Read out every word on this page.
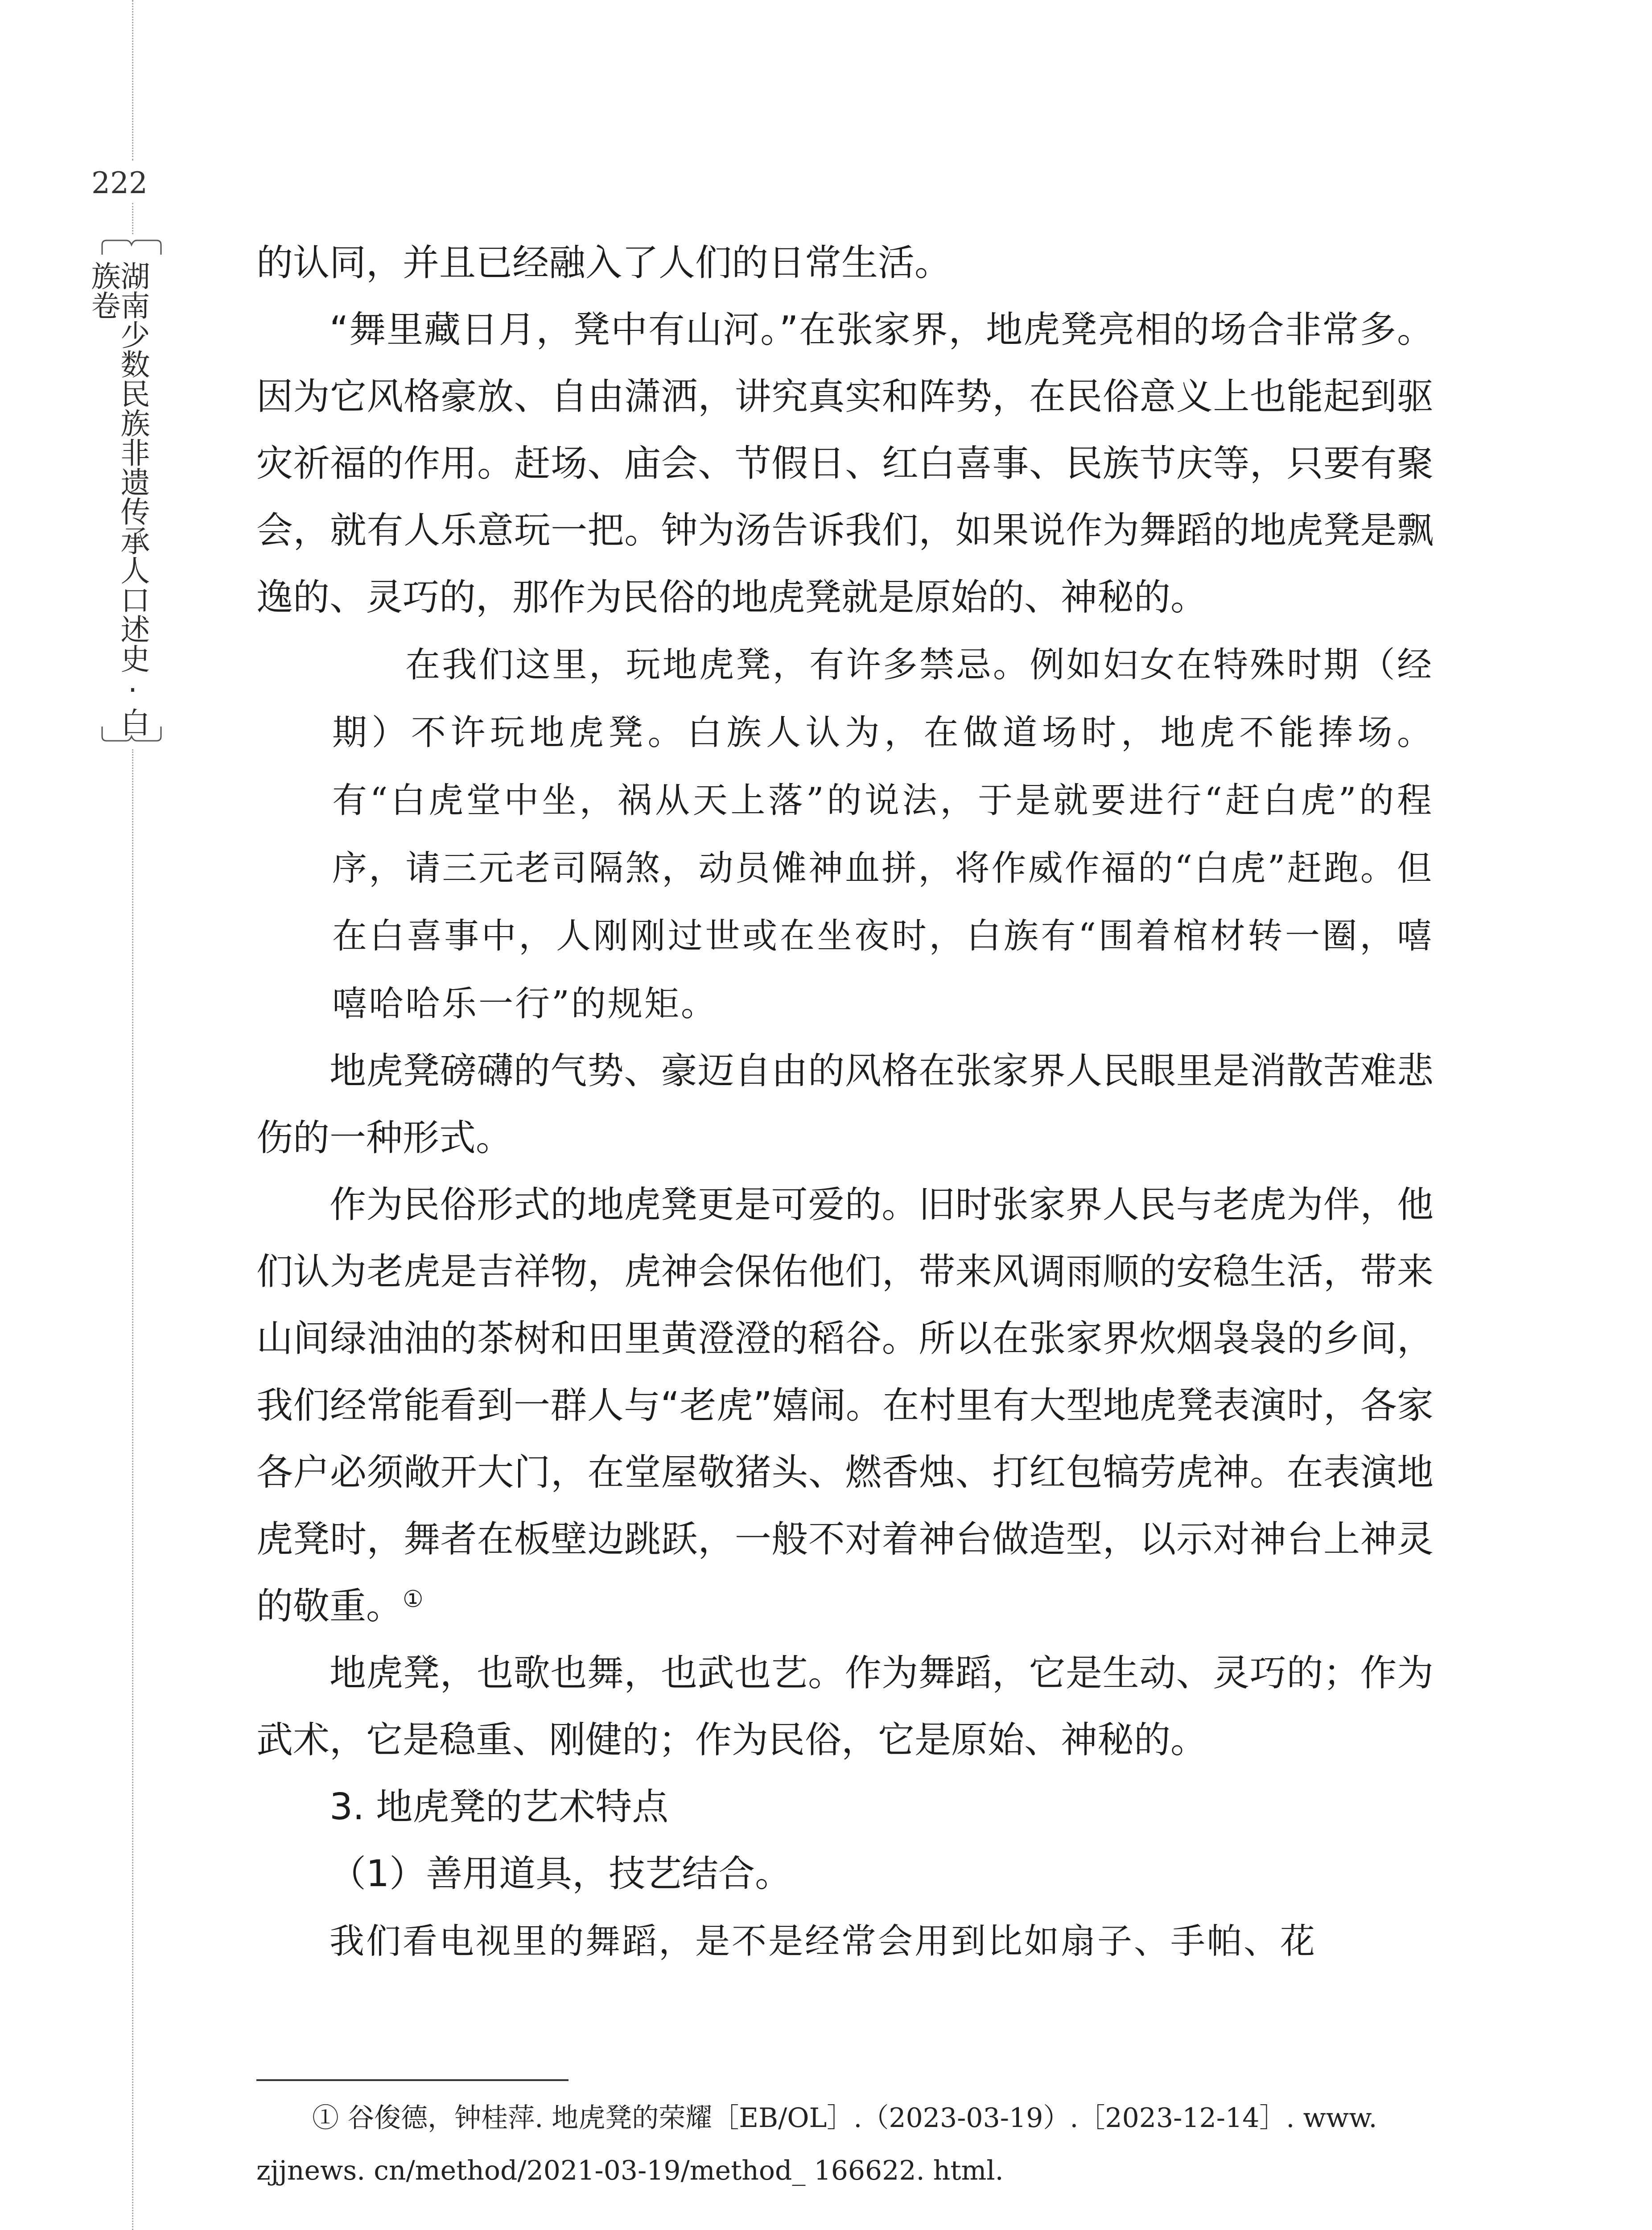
222
湖南少数民族非遗传承人口述史·白族卷	的认同，并且已经融入了人们的日常生活。

“舞里藏日月，凳中有山河。”在张家界，地虎凳亮相的场合非常多。因为它风格豪放、自由潇洒，讲究真实和阵势，在民俗意义上也能起到驱灾祈福的作用。赶场、庙会、节假日、红白喜事、民族节庆等，只要有聚会，就有人乐意玩一把。钟为汤告诉我们，如果说作为舞蹈的地虎凳是飘逸的、灵巧的，那作为民俗的地虎凳就是原始的、神秘的。

在我们这里，玩地虎凳，有许多禁忌。例如妇女在特殊时期（经期）不许玩地虎凳。白族人认为，在做道场时，地虎不能捧场。有“白虎堂中坐，祸从天上落”的说法，于是就要进行“赶白虎”的程序，请三元老司隔煞，动员傩神血拼，将作威作福的“白虎”赶跑。但在白喜事中，人刚刚过世或在坐夜时，白族有“围着棺材转一圈，嘻嘻哈哈乐一行”的规矩。

地虎凳磅礴的气势、豪迈自由的风格在张家界人民眼里是消散苦难悲伤的一种形式。

作为民俗形式的地虎凳更是可爱的。旧时张家界人民与老虎为伴，他们认为老虎是吉祥物，虎神会保佑他们，带来风调雨顺的安稳生活，带来山间绿油油的茶树和田里黄澄澄的稻谷。所以在张家界炊烟袅袅的乡间，我们经常能看到一群人与“老虎”嬉闹。在村里有大型地虎凳表演时，各家各户必须敞开大门，在堂屋敬猪头、燃香烛、打红包犒劳虎神。在表演地虎凳时，舞者在板壁边跳跃，一般不对着神台做造型，以示对神台上神灵的敬重。①

地虎凳，也歌也舞，也武也艺。作为舞蹈，它是生动、灵巧的；作为武术，它是稳重、刚健的；作为民俗，它是原始、神秘的。

3. 地虎凳的艺术特点

（1）善用道具，技艺结合。

我们看电视里的舞蹈，是不是经常会用到比如扇子、手帕、花

① 谷俊德，钟桂萍. 地虎凳的荣耀［EB/OL］.（2023-03-19）.［2023-12-14］. www.
zjjnews. cn/method/2021-03-19/method_ 166622. html.
